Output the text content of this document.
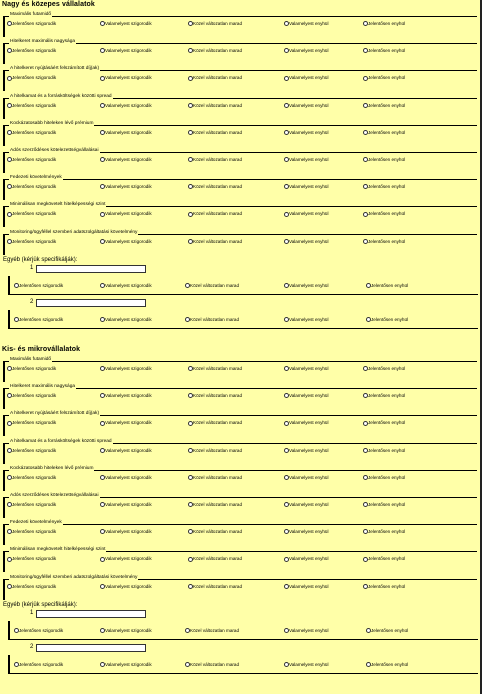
Nagy és közepes vállalatok
Maximális futamidő
Jelentősen szigorodik	Valamelyest szigorodik	Közel változatlan marad	Valamelyest enyhül	Jelentősen enyhül
Hitelkeret maximális nagysága
Jelentősen szigorodik	Valamelyest szigorodik	Közel változatlan marad	Valamelyest enyhül	Jelentősen enyhül
A hitelkeret nyújtásáért felszámított díj(ak)
Jelentősen szigorodik	Valamelyest szigorodik	Közel változatlan marad	Valamelyest enyhül	Jelentősen enyhül
A hitelkamat és a forrásköltségek közötti spread
Jelentősen szigorodik	Valamelyest szigorodik	Közel változatlan marad	Valamelyest enyhül	Jelentősen enyhül
Kockázatosabb hiteleken lévő prémium
Jelentősen szigorodik	Valamelyest szigorodik	Közel változatlan marad	Valamelyest enyhül	Jelentősen enyhül
Adós szerződéses kötelezettségvállalásai
Jelentősen szigorodik	Valamelyest szigorodik	Közel változatlan marad	Valamelyest enyhül	Jelentősen enyhül
Fedezeti követelmények
Jelentősen szigorodik	Valamelyest szigorodik	Közel változatlan marad	Valamelyest enyhül	Jelentősen enyhül
Minimálisan megkövetelt hitelképességi szint
Jelentősen szigorodik	Valamelyest szigorodik	Közel változatlan marad	Valamelyest enyhül	Jelentősen enyhül
Monitoring/ügyféllel szemberi adatszolgáltatási követelmény
Jelentősen szigorodik	Valamelyest szigorodik	Közel változatlan marad	Valamelyest enyhül	Jelentősen enyhül
Egyéb (kérjük specifikálják):
1
Jelentősen szigorodik	Valamelyest szigorodik	Közel változatlan marad	Valamelyest enyhül	Jelentősen enyhül
2
Jelentősen szigorodik	Valamelyest szigorodik	Közel változatlan marad	Valamelyest enyhül	Jelentősen enyhül
Kis- és mikrovállalatok
Maximális futamidő
Jelentősen szigorodik	Valamelyest szigorodik	Közel változatlan marad	Valamelyest enyhül	Jelentősen enyhül
Hitelkeret maximális nagysága
Jelentősen szigorodik	Valamelyest szigorodik	Közel változatlan marad	Valamelyest enyhül	Jelentősen enyhül
A hitelkeret nyújtásáért felszámított díj(ak)
Jelentősen szigorodik	Valamelyest szigorodik	Közel változatlan marad	Valamelyest enyhül	Jelentősen enyhül
A hitelkamat és a forrásköltségek közötti spread
Jelentősen szigorodik	Valamelyest szigorodik	Közel változatlan marad	Valamelyest enyhül	Jelentősen enyhül
Kockázatosabb hiteleken lévő prémium
Jelentősen szigorodik	Valamelyest szigorodik	Közel változatlan marad	Valamelyest enyhül	Jelentősen enyhül
Adós szerződéses kötelezettségvállalásai
Jelentősen szigorodik	Valamelyest szigorodik	Közel változatlan marad	Valamelyest enyhül	Jelentősen enyhül
Fedezeti követelmények
Jelentősen szigorodik	Valamelyest szigorodik	Közel változatlan marad	Valamelyest enyhül	Jelentősen enyhül
Minimálisan megkövetelt hitelképességi szint
Jelentősen szigorodik	Valamelyest szigorodik	Közel változatlan marad	Valamelyest enyhül	Jelentősen enyhül
Monitoring/ügyféllel szemberi adatszolgáltatási követelmény
Jelentősen szigorodik	Valamelyest szigorodik	Közel változatlan marad	Valamelyest enyhül	Jelentősen enyhül
Egyéb (kérjük specifikálják):
1
Jelentősen szigorodik	Valamelyest szigorodik	Közel változatlan marad	Valamelyest enyhül	Jelentősen enyhül
2
Jelentősen szigorodik	Valamelyest szigorodik	Közel változatlan marad	Valamelyest enyhül	Jelentősen enyhül
